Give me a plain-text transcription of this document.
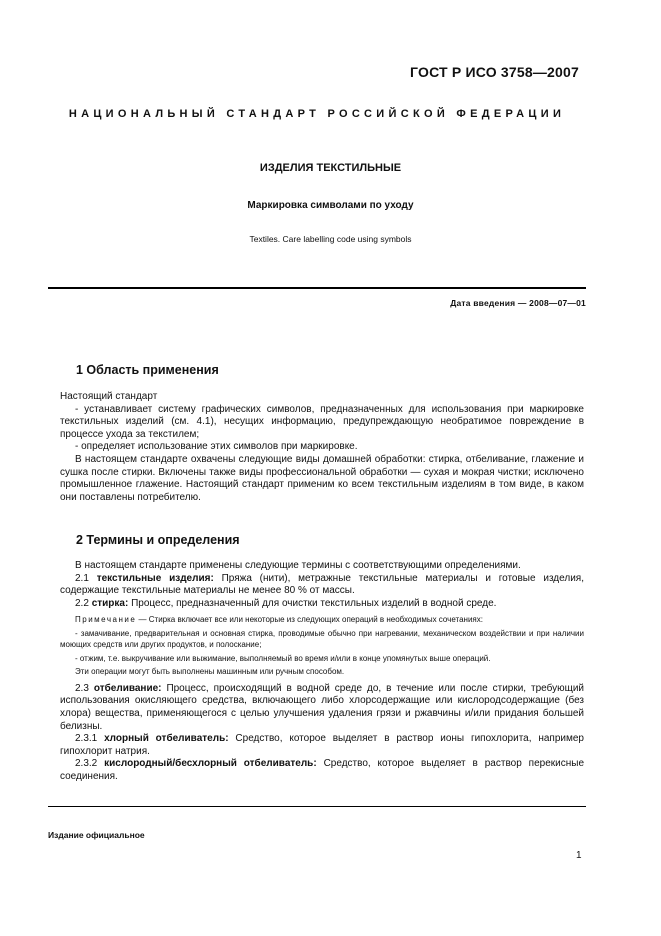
ГОСТ Р ИСО 3758—2007
НАЦИОНАЛЬНЫЙ СТАНДАРТ РОССИЙСКОЙ ФЕДЕРАЦИИ
ИЗДЕЛИЯ ТЕКСТИЛЬНЫЕ
Маркировка символами по уходу
Textiles. Care labelling code using symbols
Дата введения — 2008—07—01
1 Область применения

Настоящий стандарт

- устанавливает систему графических символов, предназначенных для использования при маркировке текстильных изделий (см. 4.1), несущих информацию, предупреждающую необратимое повреждение в процессе ухода за текстилем;

- определяет использование этих символов при маркировке.

В настоящем стандарте охвачены следующие виды домашней обработки: стирка, отбеливание, глажение и сушка после стирки. Включены также виды профессиональной обработки — сухая и мокрая чистки; исключено промышленное глажение. Настоящий стандарт применим ко всем текстильным изделиям в том виде, в каком они поставлены потребителю.

2 Термины и определения

В настоящем стандарте применены следующие термины с соответствующими определениями.

2.1 текстильные изделия: Пряжа (нити), метражные текстильные материалы и готовые изделия, содержащие текстильные материалы не менее 80 % от массы.

2.2 стирка: Процесс, предназначенный для очистки текстильных изделий в водной среде.

Примечание — Стирка включает все или некоторые из следующих операций в необходимых сочетаниях:

- замачивание, предварительная и основная стирка, проводимые обычно при нагревании, механическом воздействии и при наличии моющих средств или других продуктов, и полоскание;

- отжим, т.е. выкручивание или выжимание, выполняемый во время и/или в конце упомянутых выше операций.

Эти операции могут быть выполнены машинным или ручным способом.

2.3 отбеливание: Процесс, происходящий в водной среде до, в течение или после стирки, требующий использования окисляющего средства, включающего либо хлорсодержащие или кислородсодержащие (без хлора) вещества, применяющегося с целью улучшения удаления грязи и ржавчины и/или придания большей белизны.

2.3.1 хлорный отбеливатель: Средство, которое выделяет в раствор ионы гипохлорита, например гипохлорит натрия.

2.3.2 кислородный/бесхлорный отбеливатель: Средство, которое выделяет в раствор перекисные соединения.

Издание официальное
1
